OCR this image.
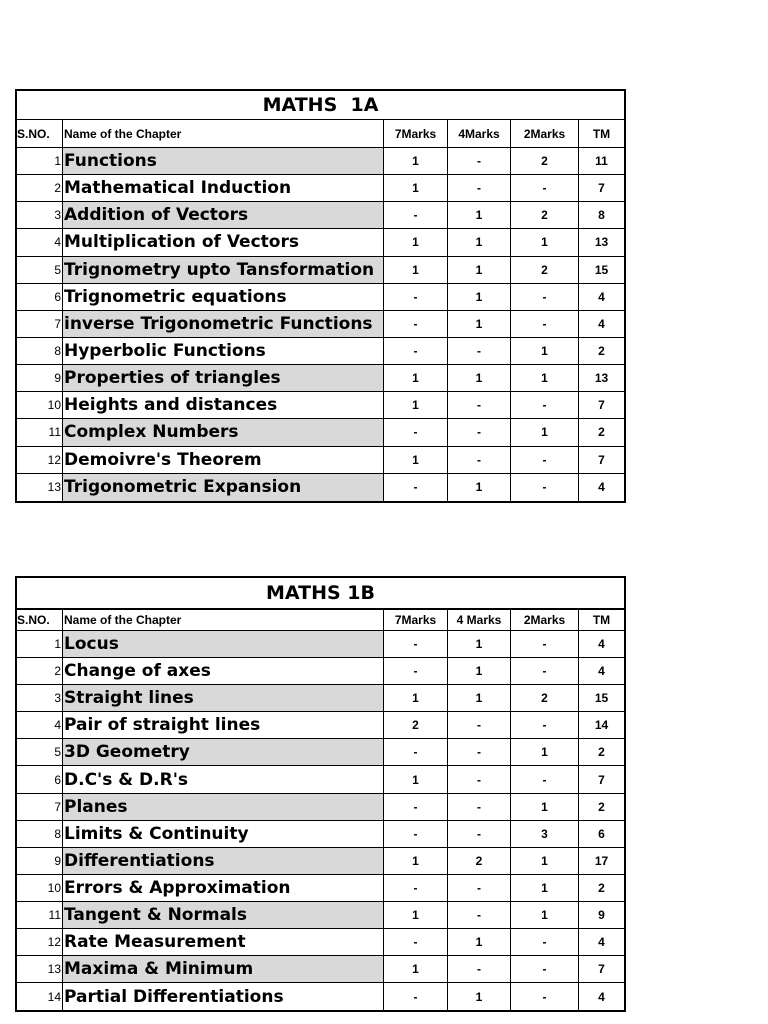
MATHS  1A
S.NO.	Name of the Chapter	7Marks	4Marks	2Marks	TM
1 Functions	1	-	2	11
2 Mathematical Induction	1	-	-	7
3 Addition of Vectors	-	1	2	8
4 Multiplication of Vectors	1	1	1	13
5 Trignometry upto Tansformation	1	1	2	15
6 Trignometric equations	-	1	-	4
7 inverse Trigonometric Functions	-	1	-	4
8 Hyperbolic Functions	-	-	1	2
9 Properties of triangles	1	1	1	13
10 Heights and distances	1	-	-	7
11 Complex Numbers	-	-	1	2
12 Demoivre's Theorem	1	-	-	7
13 Trigonometric Expansion	-	1	-	4
MATHS 1B
S.NO.	Name of the Chapter	7Marks	4 Marks	2Marks	TM
1 Locus	-	1	-	4
2 Change of axes	-	1	-	4
3 Straight lines	1	1	2	15
4 Pair of straight lines	2	-	-	14
5 3D Geometry	-	-	1	2
6 D.C's & D.R's	1	-	-	7
7 Planes	-	-	1	2
8 Limits & Continuity	-	-	3	6
9 Differentiations	1	2	1	17
10 Errors & Approximation	-	-	1	2
11 Tangent & Normals	1	-	1	9
12 Rate Measurement	-	1	-	4
13 Maxima & Minimum	1	-	-	7
14 Partial Differentiations	-	1	-	4
